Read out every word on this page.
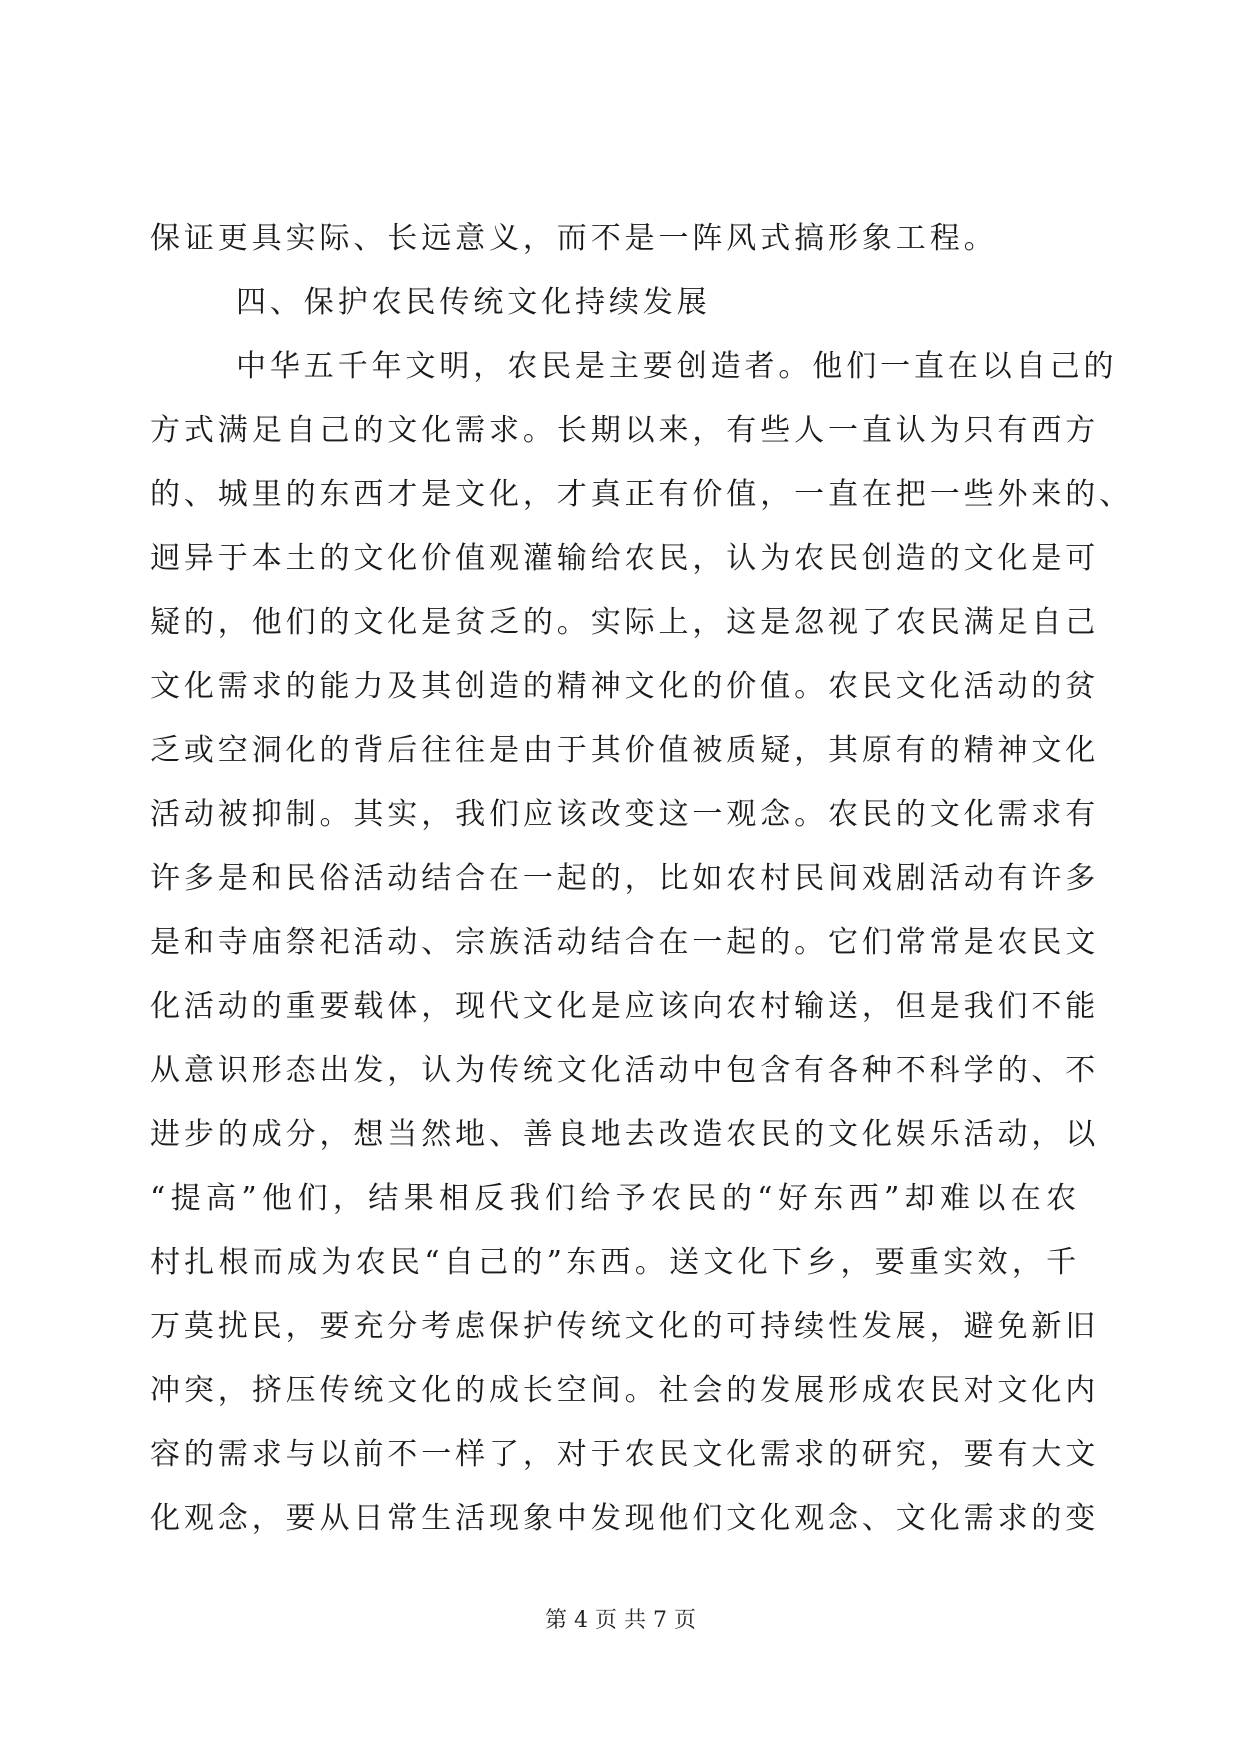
保证更具实际、长远意义，而不是一阵风式搞形象工程。
四、保护农民传统文化持续发展
中华五千年文明，农民是主要创造者。他们一直在以自己的
方式满足自己的文化需求。长期以来，有些人一直认为只有西方
的、城里的东西才是文化，才真正有价值，一直在把一些外来的、
迥异于本土的文化价值观灌输给农民，认为农民创造的文化是可
疑的，他们的文化是贫乏的。实际上，这是忽视了农民满足自己
文化需求的能力及其创造的精神文化的价值。农民文化活动的贫
乏或空洞化的背后往往是由于其价值被质疑，其原有的精神文化
活动被抑制。其实，我们应该改变这一观念。农民的文化需求有
许多是和民俗活动结合在一起的，比如农村民间戏剧活动有许多
是和寺庙祭祀活动、宗族活动结合在一起的。它们常常是农民文
化活动的重要载体，现代文化是应该向农村输送，但是我们不能
从意识形态出发，认为传统文化活动中包含有各种不科学的、不
进步的成分，想当然地、善良地去改造农民的文化娱乐活动，以
“提高”他们，结果相反我们给予农民的“好东西”却难以在农
村扎根而成为农民“自己的”东西。送文化下乡，要重实效，千
万莫扰民，要充分考虑保护传统文化的可持续性发展，避免新旧
冲突，挤压传统文化的成长空间。社会的发展形成农民对文化内
容的需求与以前不一样了，对于农民文化需求的研究，要有大文
化观念，要从日常生活现象中发现他们文化观念、文化需求的变
第 4 页 共 7 页
